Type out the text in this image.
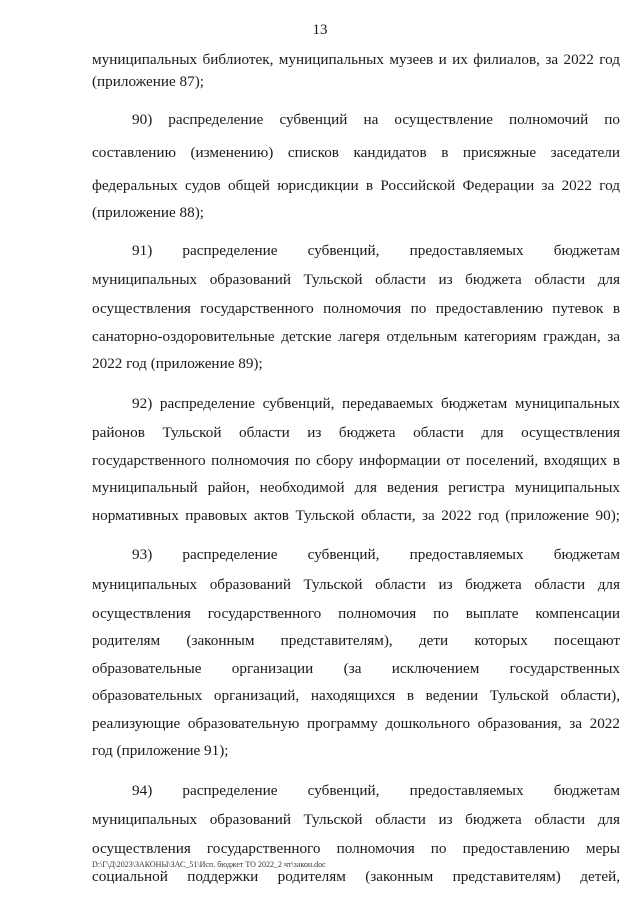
13
муниципальных библиотек, муниципальных музеев и их филиалов, за 2022 год
(приложение 87);
90) распределение субвенций на осуществление полномочий по
составлению (изменению) списков кандидатов в присяжные заседатели
федеральных судов общей юрисдикции в Российской Федерации за 2022 год
(приложение 88);
91) распределение субвенций, предоставляемых бюджетам
муниципальных образований Тульской области из бюджета области для
осуществления государственного полномочия по предоставлению путевок в
санаторно-оздоровительные детские лагеря отдельным категориям граждан, за
2022 год (приложение 89);
92) распределение субвенций, передаваемых бюджетам муниципальных
районов Тульской области из бюджета области для осуществления
государственного полномочия по сбору информации от поселений, входящих в
муниципальный район, необходимой для ведения регистра муниципальных
нормативных правовых актов Тульской области, за 2022 год (приложение 90);
93) распределение субвенций, предоставляемых бюджетам
муниципальных образований Тульской области из бюджета области для
осуществления государственного полномочия по выплате компенсации
родителям (законным представителям), дети которых посещают
образовательные организации (за исключением государственных
образовательных организаций, находящихся в ведении Тульской области),
реализующие образовательную программу дошкольного образования, за 2022
год (приложение 91);
94) распределение субвенций, предоставляемых бюджетам
муниципальных образований Тульской области из бюджета области для
осуществления государственного полномочия по предоставлению меры
социальной поддержки родителям (законным представителям) детей,
D:\Г\Д\2023\ЗАКОНЫ\ЗАС_51\Исп. бюджет ТО 2022_2 чт\закон.doc
